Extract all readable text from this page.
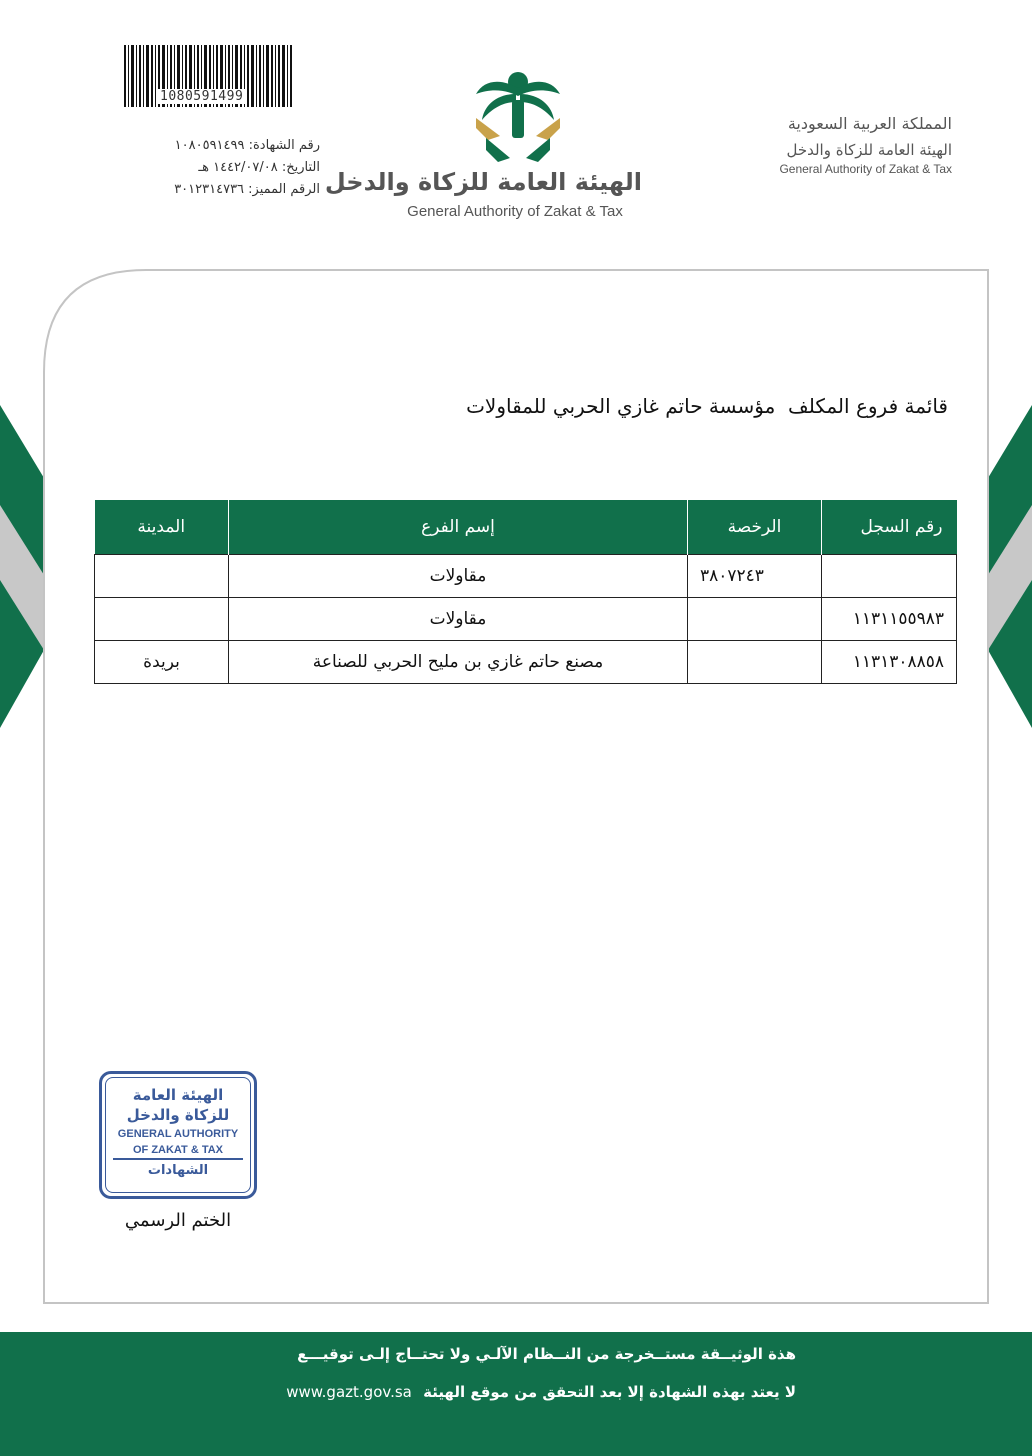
1080591499
رقم الشهادة: ١٠٨٠٥٩١٤٩٩
التاريخ: ١٤٤٢/٠٧/٠٨ هـ
الرقم المميز: ٣٠١٢٣١٤٧٣٦ الهيئة العامة للزكاة والدخل
General Authority of Zakat & Tax
المملكة العربية السعودية
الهيئة العامة للزكاة والدخل
General Authority of Zakat & Tax
قائمة فروع المكلف  مؤسسة حاتم غازي الحربي للمقاولات
رقم السجل	الرخصة	إسم الفرع	المدينة
	٣٨٠٧٢٤٣	مقاولات	
١١٣١١٥٥٩٨٣		مقاولات	
١١٣١٣٠٨٨٥٨		مصنع حاتم غازي بن مليح الحربي للصناعة	بريدة
الهيئة العامة
للزكاة والدخل
GENERAL AUTHORITY
OF ZAKAT & TAX
الشهادات
الختم الرسمي
هذة الوثيــقة مستــخرجة من النــظام الآلـي ولا تحتــاج إلـى توقيـــع
لا يعتد بهذه الشهادة إلا بعد التحقق من موقع الهيئة www.gazt.gov.sa
